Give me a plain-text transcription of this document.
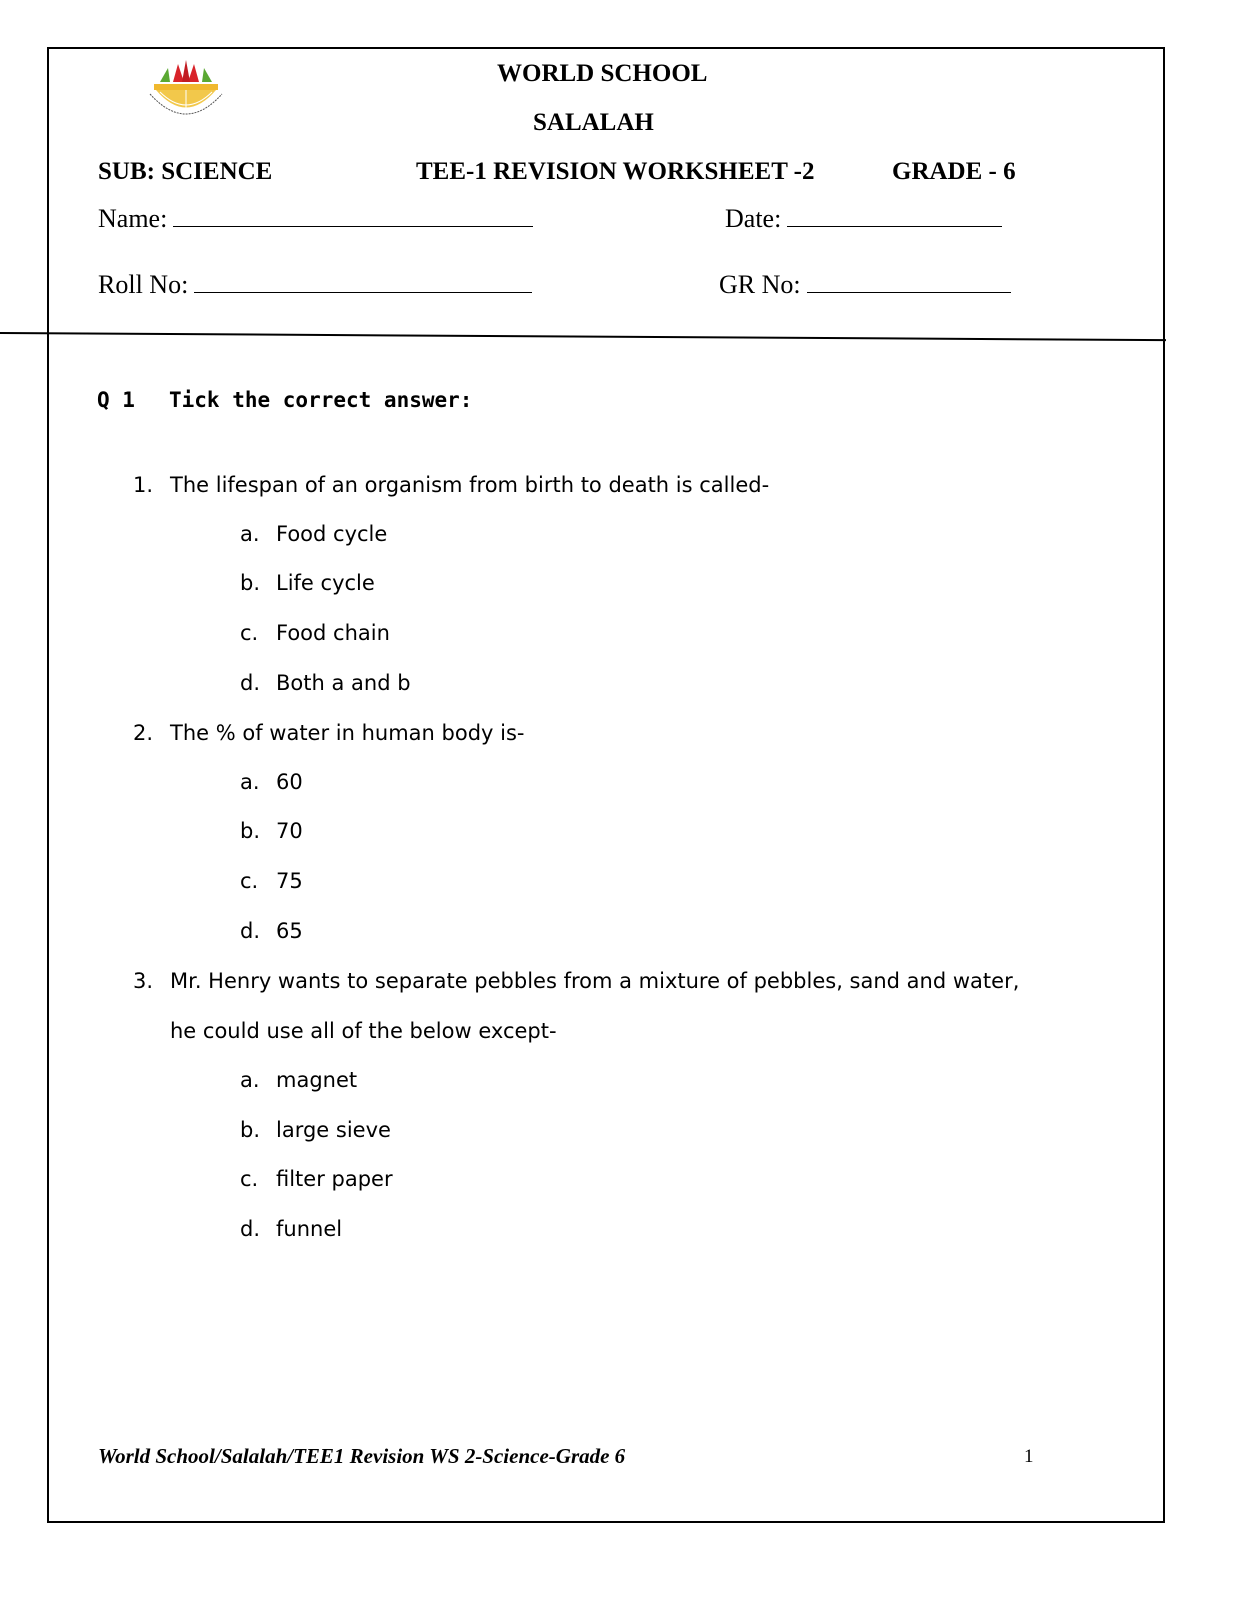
WORLD SCHOOL
SALALAH
SUB: SCIENCE	TEE-1 REVISION WORKSHEET -2	GRADE - 6
Name:	Date:
Roll No:	GR No:
Q 1 Tick the correct answer:
1. The lifespan of an organism from birth to death is called-
a. Food cycle
b. Life cycle
c. Food chain
d. Both a and b
2. The % of water in human body is-
a. 60
b. 70
c. 75
d. 65
3. Mr. Henry wants to separate pebbles from a mixture of pebbles, sand and water,
he could use all of the below except-
a. magnet
b. large sieve
c. filter paper
d. funnel
World School/Salalah/TEE1 Revision WS 2-Science-Grade 6	1
